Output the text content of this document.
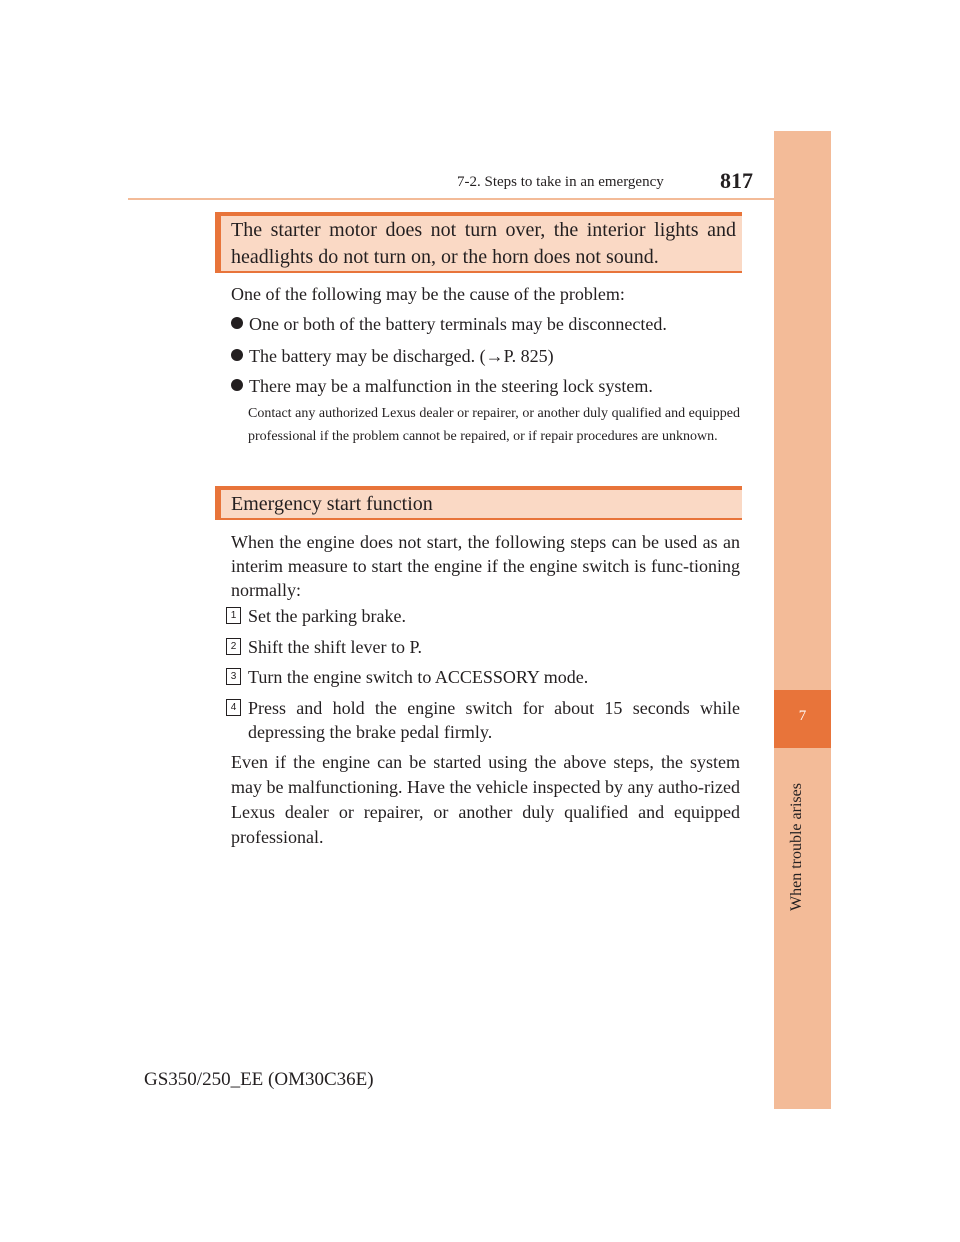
7
When trouble arises
7-2. Steps to take in an emergency	817
The starter motor does not turn over, the interior lights and headlights do not turn on, or the horn does not sound.
One of the following may be the cause of the problem:
One or both of the battery terminals may be disconnected.
The battery may be discharged. (→P. 825)
There may be a malfunction in the steering lock system.
Contact any authorized Lexus dealer or repairer, or another duly qualified and equipped professional if the problem cannot be repaired, or if repair procedures are unknown.
Emergency start function
When the engine does not start, the following steps can be used as an interim measure to start the engine if the engine switch is func-tioning normally:
1 Set the parking brake.
2 Shift the shift lever to P.
3 Turn the engine switch to ACCESSORY mode.
4 Press and hold the engine switch for about 15 seconds while depressing the brake pedal firmly.
Even if the engine can be started using the above steps, the system may be malfunctioning. Have the vehicle inspected by any autho-rized Lexus dealer or repairer, or another duly qualified and equipped professional.
GS350/250_EE (OM30C36E)
